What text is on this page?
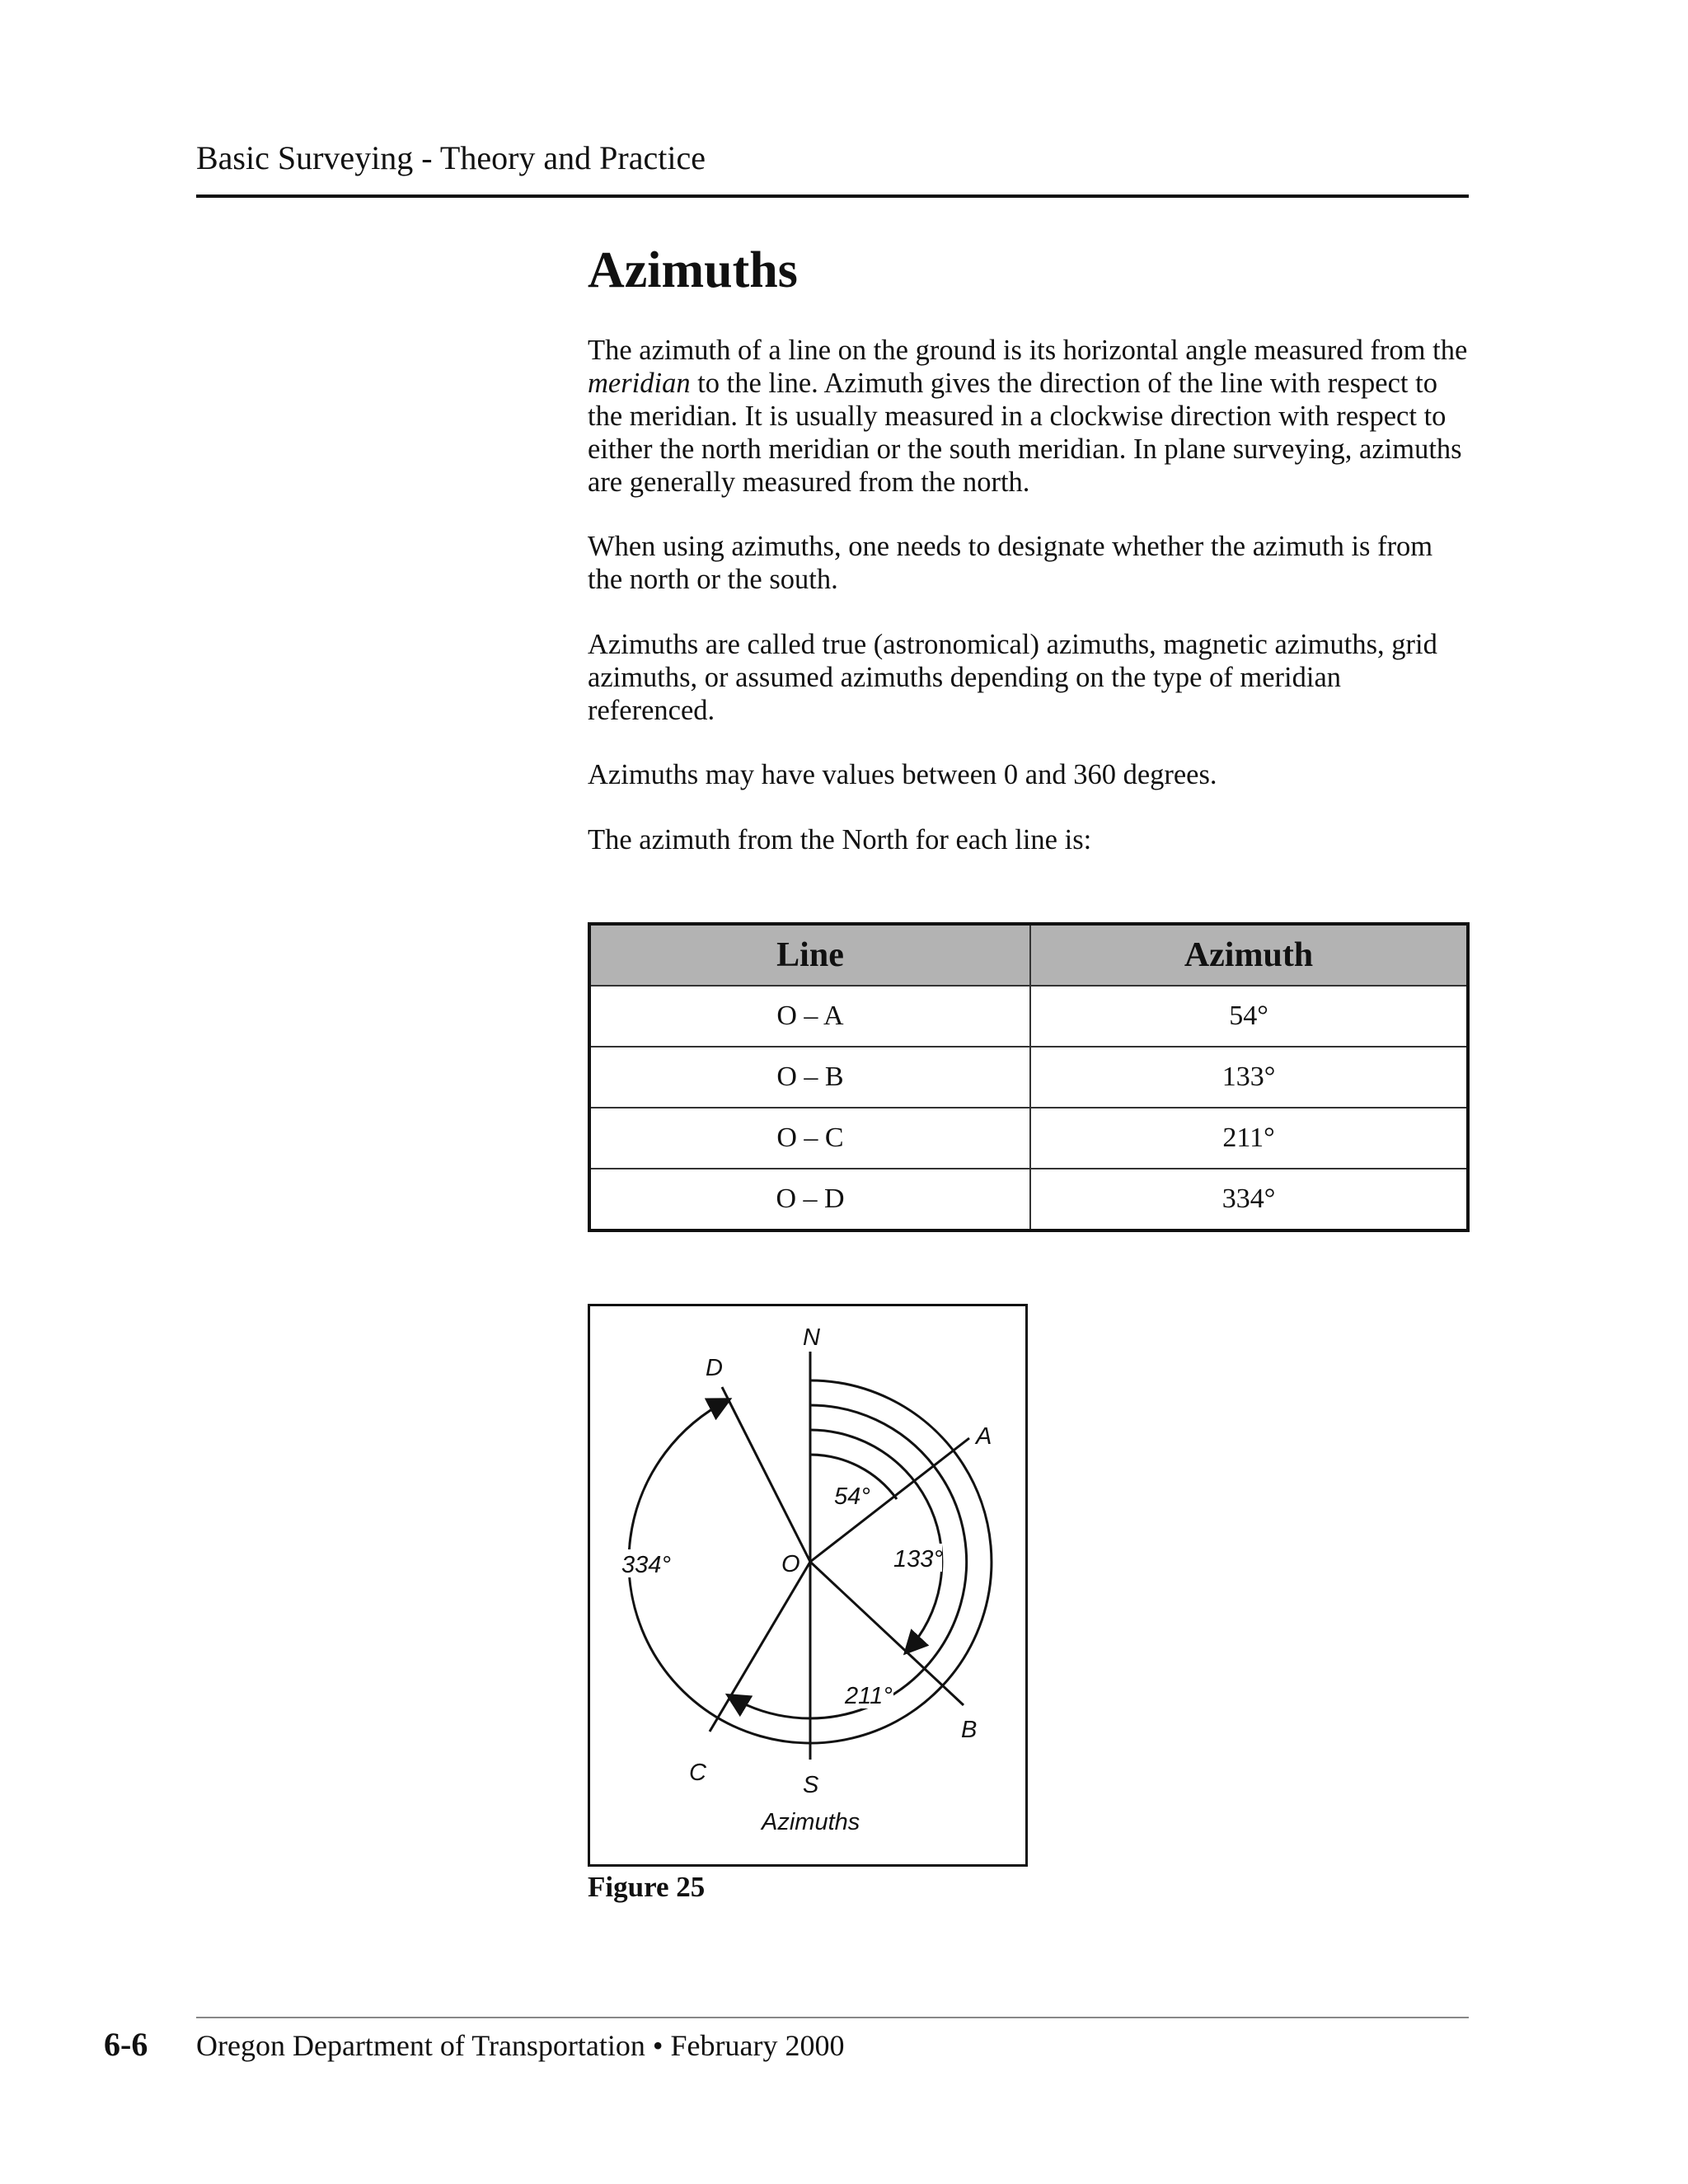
Basic Surveying - Theory and Practice
Azimuths

The azimuth of a line on the ground is its horizontal angle measured from the meridian to the line. Azimuth gives the direction of the line with respect to the meridian. It is usually measured in a clockwise direction with respect to either the north meridian or the south meridian. In plane surveying, azimuths are generally measured from the north.

When using azimuths, one needs to designate whether the azimuth is from the north or the south.

Azimuths are called true (astronomical) azimuths, magnetic azimuths, grid azimuths, or assumed azimuths depending on the type of meridian referenced.

Azimuths may have values between 0 and 360 degrees.

The azimuth from the North for each line is:

Line	Azimuth
O – A	54°
O – B	133°
O – C	211°
O – D	334°
N
S
O
A
B
C
D
54°
133°
211°
334°
Azimuths
Figure 25
6-6 Oregon Department of Transportation • February 2000
